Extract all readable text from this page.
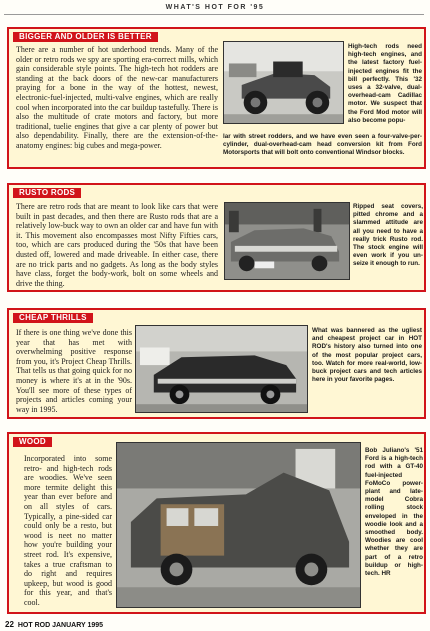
WHAT'S HOT FOR '95
BIGGER AND OLDER IS BETTER
There are a number of hot underhood trends. Many of the older or retro rods we spy are sporting era-correct mills, which gain considerable style points. The high-tech hot rodders are standing at the back doors of the new-car manufacturers praying for a bone in the way of the hottest, newest, electronic-fuel-injected, multi-valve engines, which are really cool when incorporated into the car buildup tastefully. There is also the multitude of crate motors and factory, but more traditional, tuelie engines that give a car plenty of power but also dependability. Finally, there are the extension-of-the-anatomy engines: big cubes and mega-power.
High-tech rods need high-tech engines, and the latest factory fuel-injected engines fit the bill perfectly. This '32 uses a 32-valve, dual-overhead-cam Cadillac motor. We suspect that the Ford Mod motor will also become popu-
lar with street rodders, and we have even seen a four-valve-per-cylinder, dual-overhead-cam head conversion kit from Ford Motorsports that will bolt onto conventional Windsor blocks.
RUSTO RODS
There are retro rods that are meant to look like cars that were built in past decades, and then there are Rusto rods that are a relatively low-buck way to own an older car and have fun with it. This movement also encompasses most Nifty Fifties cars, too, which are cars produced during the '50s that have been dusted off, lowered and made driveable. In either case, there are no trick parts and no gadgets. As long as the body styles have class, forget the body-work, bolt on some wheels and drive the thing.
Ripped seat covers, pitted chrome and a slammed attitude are all you need to have a really trick Rusto rod. The stock engine will even work if you un-seize it enough to run.
CHEAP THRILLS
If there is one thing we've done this year that has met with overwhelming positive response from you, it's Project Cheap Thrills. That tells us that going quick for no money is where it's at in the '90s. You'll see more of these types of projects and articles coming your way in 1995.
What was bannered as the ugliest and cheapest project car in HOT ROD's history also turned into one of the most popular project cars, too. Watch for more real-world, low-buck project cars and tech articles here in your favorite pages.
WOOD
Incorporated into some retro- and high-tech rods are woodies. We've seen more termite delight this year than ever before and on all styles of cars. Typically, a pine-sided car could only be a resto, but wood is neet no matter how you're building your street rod. It's expensive, takes a true craftsman to do right and requires upkeep, but wood is good for this year, and that's cool.
Bob Juliano's '51 Ford is a high-tech rod with a GT-40 fuel-injected FoMoCo power-plant and late-model Cobra rolling stock enveloped in the woodie look and a smoothed body. Woodies are cool whether they are part of a retro buildup or high-tech. HR
22 HOT ROD JANUARY 1995
